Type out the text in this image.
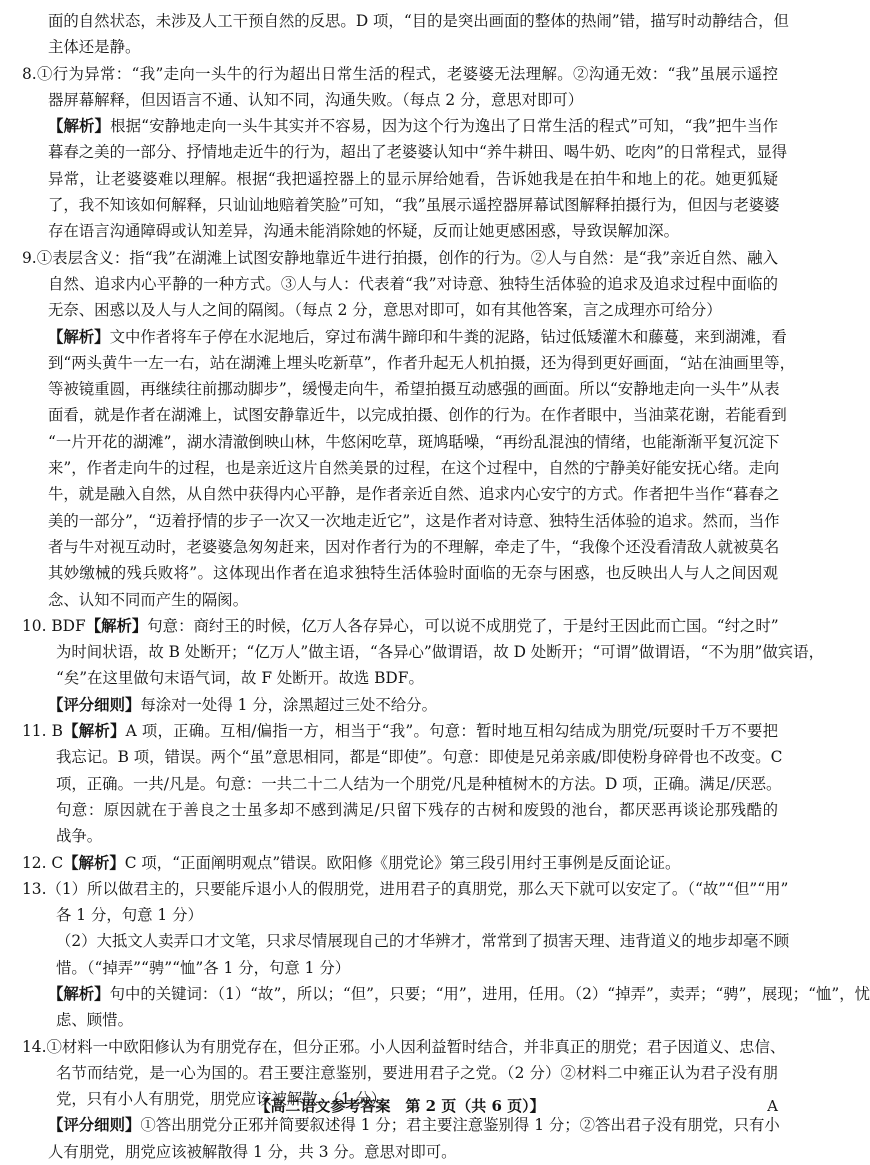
面的自然状态，未涉及人工干预自然的反思。D 项，“目的是突出画面的整体的热闹”错，描写时动静结合，但
主体还是静。
8.①行为异常：“我”走向一头牛的行为超出日常生活的程式，老婆婆无法理解。②沟通无效：“我”虽展示遥控
器屏幕解释，但因语言不通、认知不同，沟通失败。（每点 2 分，意思对即可）
【解析】根据“安静地走向一头牛其实并不容易，因为这个行为逸出了日常生活的程式”可知，“我”把牛当作
暮春之美的一部分、抒情地走近牛的行为，超出了老婆婆认知中“养牛耕田、喝牛奶、吃肉”的日常程式，显得
异常，让老婆婆难以理解。根据“我把遥控器上的显示屏给她看，告诉她我是在拍牛和地上的花。她更狐疑
了，我不知该如何解释，只讪讪地赔着笑脸”可知，“我”虽展示遥控器屏幕试图解释拍摄行为，但因与老婆婆
存在语言沟通障碍或认知差异，沟通未能消除她的怀疑，反而让她更感困惑，导致误解加深。
9.①表层含义：指“我”在湖滩上试图安静地靠近牛进行拍摄，创作的行为。②人与自然：是“我”亲近自然、融入
自然、追求内心平静的一种方式。③人与人：代表着“我”对诗意、独特生活体验的追求及追求过程中面临的
无奈、困惑以及人与人之间的隔阂。（每点 2 分，意思对即可，如有其他答案，言之成理亦可给分）
【解析】文中作者将车子停在水泥地后，穿过布满牛蹄印和牛粪的泥路，钻过低矮灌木和藤蔓，来到湖滩，看
到“两头黄牛一左一右，站在湖滩上埋头吃新草”，作者升起无人机拍摄，还为得到更好画面，“站在油画里等，
等被镜重圆，再继续往前挪动脚步”，缓慢走向牛，希望拍摄互动感强的画面。所以“安静地走向一头牛”从表
面看，就是作者在湖滩上，试图安静靠近牛，以完成拍摄、创作的行为。在作者眼中，当油菜花谢，若能看到
“一片开花的湖滩”，湖水清澈倒映山林，牛悠闲吃草，斑鸠聒噪，“再纷乱混浊的情绪，也能渐渐平复沉淀下
来”，作者走向牛的过程，也是亲近这片自然美景的过程，在这个过程中，自然的宁静美好能安抚心绪。走向
牛，就是融入自然，从自然中获得内心平静，是作者亲近自然、追求内心安宁的方式。作者把牛当作“暮春之
美的一部分”，“迈着抒情的步子一次又一次地走近它”，这是作者对诗意、独特生活体验的追求。然而，当作
者与牛对视互动时，老婆婆急匆匆赶来，因对作者行为的不理解，牵走了牛，“我像个还没看清敌人就被莫名
其妙缴械的残兵败将”。这体现出作者在追求独特生活体验时面临的无奈与困惑，也反映出人与人之间因观
念、认知不同而产生的隔阂。
10. BDF【解析】句意：商纣王的时候，亿万人各存异心，可以说不成朋党了，于是纣王因此而亡国。“纣之时”
为时间状语，故 B 处断开；“亿万人”做主语，“各异心”做谓语，故 D 处断开；“可谓”做谓语，“不为朋”做宾语，
“矣”在这里做句末语气词，故 F 处断开。故选 BDF。
【评分细则】每涂对一处得 1 分，涂黑超过三处不给分。
11. B【解析】A 项，正确。互相/偏指一方，相当于“我”。句意：暂时地互相勾结成为朋党/玩耍时千万不要把
我忘记。B 项，错误。两个“虽”意思相同，都是“即使”。句意：即使是兄弟亲戚/即使粉身碎骨也不改变。C
项，正确。一共/凡是。句意：一共二十二人结为一个朋党/凡是种植树木的方法。D 项，正确。满足/厌恶。
句意：原因就在于善良之士虽多却不感到满足/只留下残存的古树和废毁的池台，都厌恶再谈论那残酷的
战争。
12. C【解析】C 项，“正面阐明观点”错误。欧阳修《朋党论》第三段引用纣王事例是反面论证。
13.（1）所以做君主的，只要能斥退小人的假朋党，进用君子的真朋党，那么天下就可以安定了。（“故”“但”“用”
各 1 分，句意 1 分）
（2）大抵文人卖弄口才文笔，只求尽情展现自己的才华辨才，常常到了损害天理、违背道义的地步却毫不顾
惜。（“掉弄”“骋”“恤”各 1 分，句意 1 分）
【解析】句中的关键词：（1）“故”，所以；“但”，只要；“用”，进用，任用。（2）“掉弄”，卖弄；“骋”，展现；“恤”，忧
虑、顾惜。
14.①材料一中欧阳修认为有朋党存在，但分正邪。小人因利益暂时结合，并非真正的朋党；君子因道义、忠信、
名节而结党，是一心为国的。君王要注意鉴别，要进用君子之党。（2 分）②材料二中雍正认为君子没有朋
党，只有小人有朋党，朋党应该被解散。（1 分）
【评分细则】①答出朋党分正邪并简要叙述得 1 分；君主要注意鉴别得 1 分；②答出君子没有朋党，只有小
人有朋党，朋党应该被解散得 1 分，共 3 分。意思对即可。
【高二语文参考答案　第 2 页（共 6 页）】	A
